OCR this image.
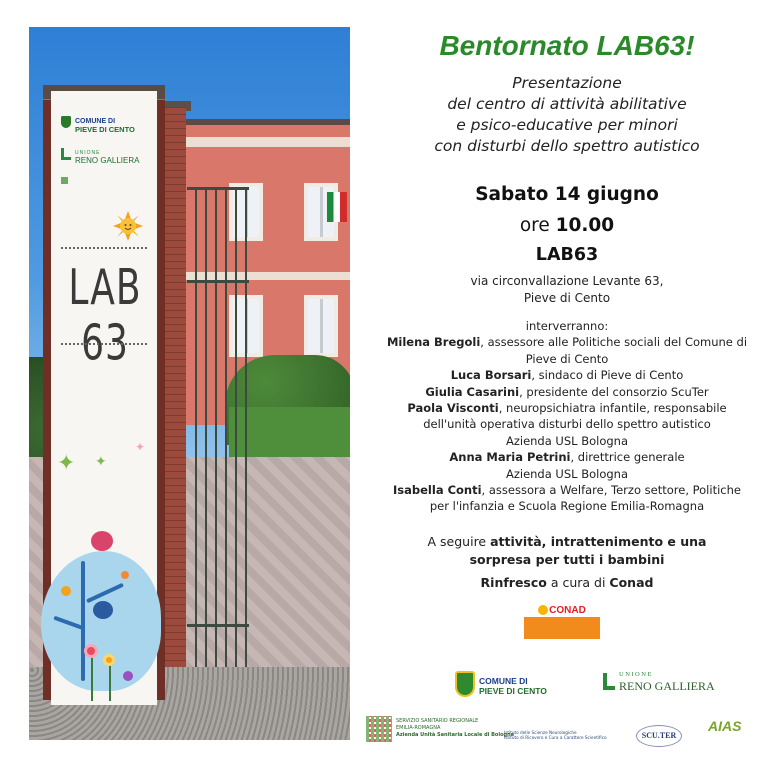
COMUNE DI
PIEVE DI CENTO
UNIONE
RENO GALLIERA
LAB 63
✦ ✦
✦
Bentornato LAB63!
Presentazione
del centro di attività abilitative
e psico-educative per minori
con disturbi dello spettro autistico
Sabato 14 giugno
ore 10.00
LAB63
via circonvallazione Levante 63,
Pieve di Cento
interverranno:
Milena Bregoli, assessore alle Politiche sociali del Comune di
Pieve di Cento
Luca Borsari, sindaco di Pieve di Cento
Giulia Casarini, presidente del consorzio ScuTer
Paola Visconti, neuropsichiatra infantile, responsabile
dell'unità operativa disturbi dello spettro autistico
Azienda USL Bologna
Anna Maria Petrini, direttrice generale
Azienda USL Bologna
Isabella Conti, assessora a Welfare, Terzo settore, Politiche
per l'infanzia e Scuola Regione Emilia-Romagna
A seguire attività, intrattenimento e una
sorpresa per tutti i bambini
Rinfresco a cura di Conad
CONAD
COMUNE DI
PIEVE DI CENTO
UNIONE
RENO GALLIERA
SERVIZIO SANITARIO REGIONALE
EMILIA-ROMAGNA
Azienda Unità Sanitaria Locale di Bologna
Istituto delle Scienze Neurologiche
Istituto di Ricovero e Cura a Carattere Scientifico	SCU.TER
AIAS
